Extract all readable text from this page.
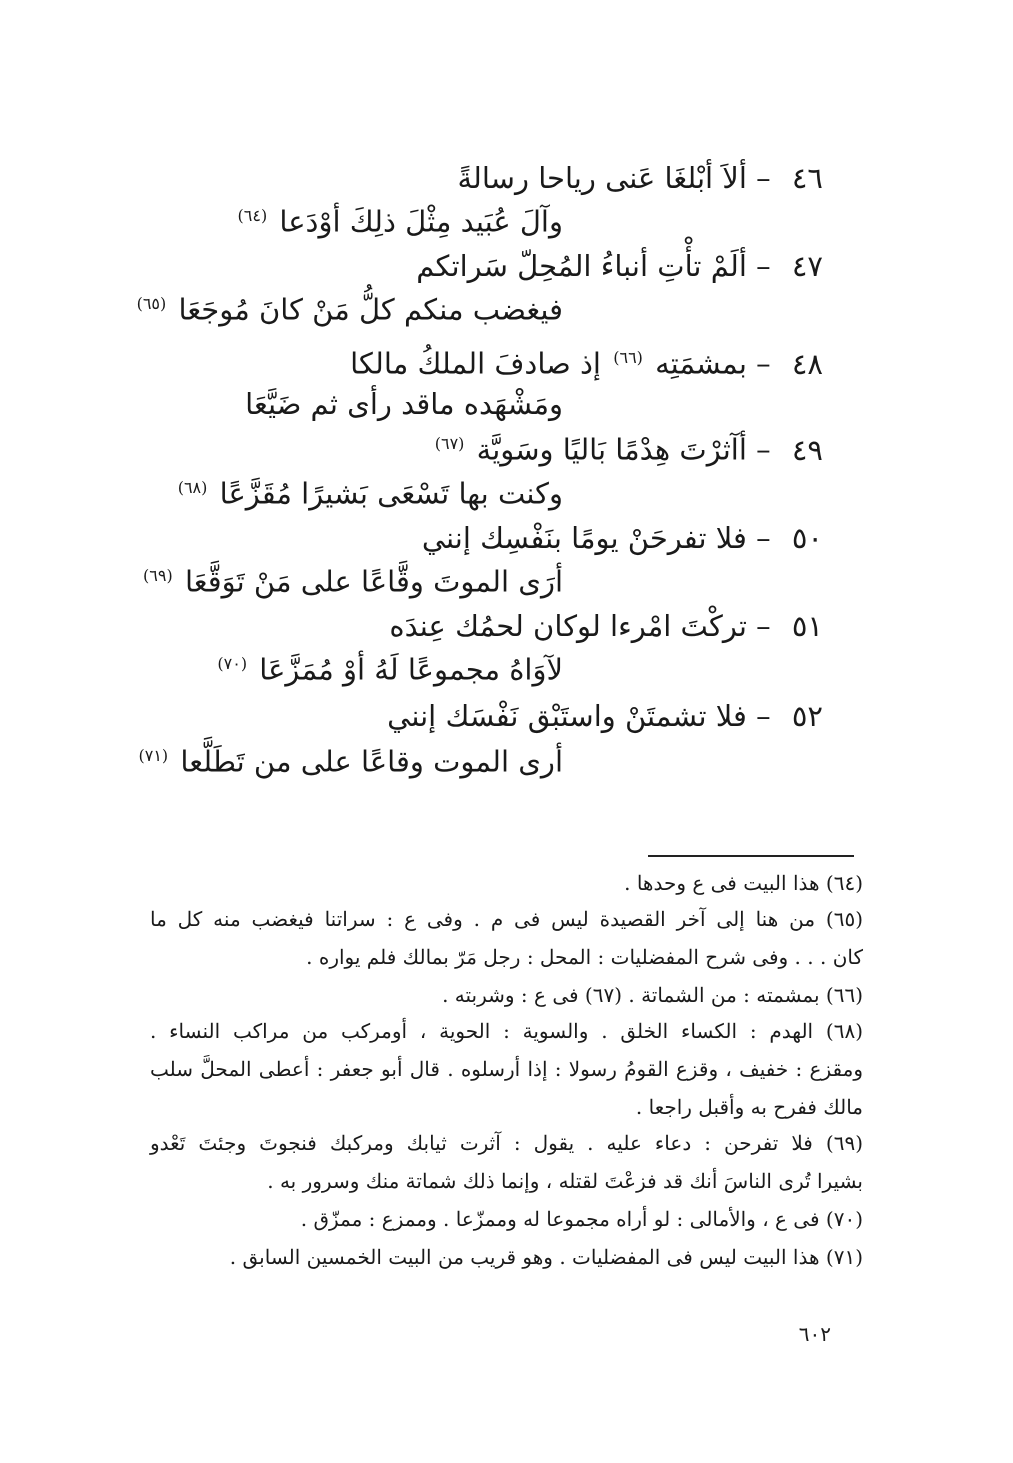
٤٦ – ألاَ أبْلغَا عَنى رياحا رسالةً
وآلَ عُبَيد مِثْلَ ذلِكَ أوْدَعا $^{(٦٤)}$
٤٧ – ألَمْ تأْتِ أنباءُ المُحِلّ سَراتكم
فيغضب منكم كلُّ مَنْ كانَ مُوجَعَا $^{(٦٥)}$
٤٨ – بمشمَتِه $^{(٦٦)}$ إذ صادفَ الملكُ مالكا
ومَشْهَده ماقد رأى ثم ضَيَّعَا
٤٩ – أآثرْتَ هِدْمًا بَاليًا وسَويَّة $^{(٦٧)}$
وكنت بها تَسْعَى بَشيرًا مُقَزَّعًا $^{(٦٨)}$
٥٠ – فلا تفرحَنْ يومًا بنَفْسِك إنني
أرَى الموتَ وقَّاعًا على مَنْ تَوَقَّعَا $^{(٦٩)}$
٥١ – تركْتَ امْرءا لوكان لحمُك عِندَه
لآوَاهُ مجموعًا لَهُ أوْ مُمَزَّعَا $^{(٧٠)}$
٥٢ – فلا تشمتَنْ واستَبْق نَفْسَك إنني
أرى الموت وقاعًا على من تَطَلَّعا $^{(٧١)}$
(٦٤) هذا البيت فى ع وحدها .
(٦٥) من هنا إلى آخر القصيدة ليس فى م . وفى ع : سراتنا فيغضب منه كل ما
كان . . . وفى شرح المفضليات : المحل : رجل مَرّ بمالك فلم يواره .
(٦٦) بمشمته : من الشماتة . (٦٧) فى ع : وشربته .
(٦٨) الهدم : الكساء الخلق . والسوية : الحوية ، أومركب من مراكب النساء .
ومقزع : خفيف ، وقزع القومُ رسولا : إذا أرسلوه . قال أبو جعفر : أعطى المحلَّ سلب
مالك ففرح به وأقبل راجعا .
(٦٩) فلا تفرحن : دعاء عليه . يقول : آثرت ثيابك ومركبك فنجوتَ وجئتَ تَعْدو
بشيرا تُرى الناسَ أنك قد فزعْتَ لقتله ، وإنما ذلك شماتة منك وسرور به .
(٧٠) فى ع ، والأمالى : لو أراه مجموعا له وممزّعا . وممزع : ممزّق .
(٧١) هذا البيت ليس فى المفضليات . وهو قريب من البيت الخمسين السابق .
٦٠٢
